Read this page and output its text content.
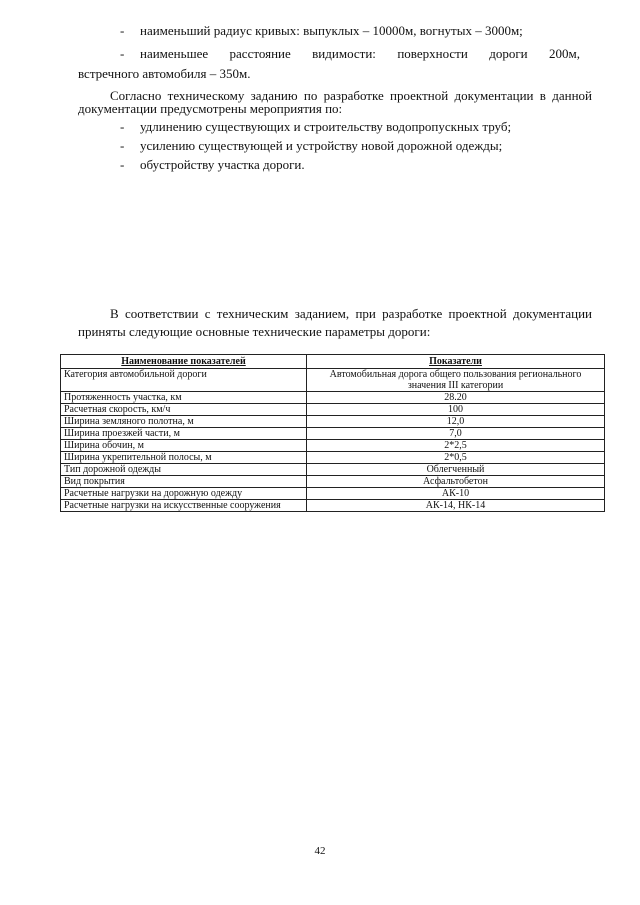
- наименьший радиус кривых: выпуклых – 10000м, вогнутых – 3000м;
- наименьшее расстояние видимости: поверхности дороги 200м,
встречного автомобиля – 350м.
Согласно техническому заданию по разработке проектной документации в данной
документации предусмотрены мероприятия по:
- удлинению существующих и строительству водопропускных труб;
- усилению существующей и устройству новой дорожной одежды;
- обустройству участка дороги.
В соответствии с техническим заданием, при разработке проектной документации
приняты следующие основные технические параметры дороги:
Наименование показателей	Показатели
Категория автомобильной дороги	Автомобильная дорога общего пользования регионального значения III категории
Протяженность участка, км	28.20
Расчетная скорость, км/ч	100
Ширина земляного полотна, м	12,0
Ширина проезжей части, м	7,0
Ширина обочин, м	2*2,5
Ширина укрепительной полосы, м	2*0,5
Тип дорожной одежды	Облегченный
Вид покрытия	Асфальтобетон
Расчетные нагрузки на дорожную одежду	АК-10
Расчетные нагрузки на искусственные сооружения	АК-14, НК-14
42
